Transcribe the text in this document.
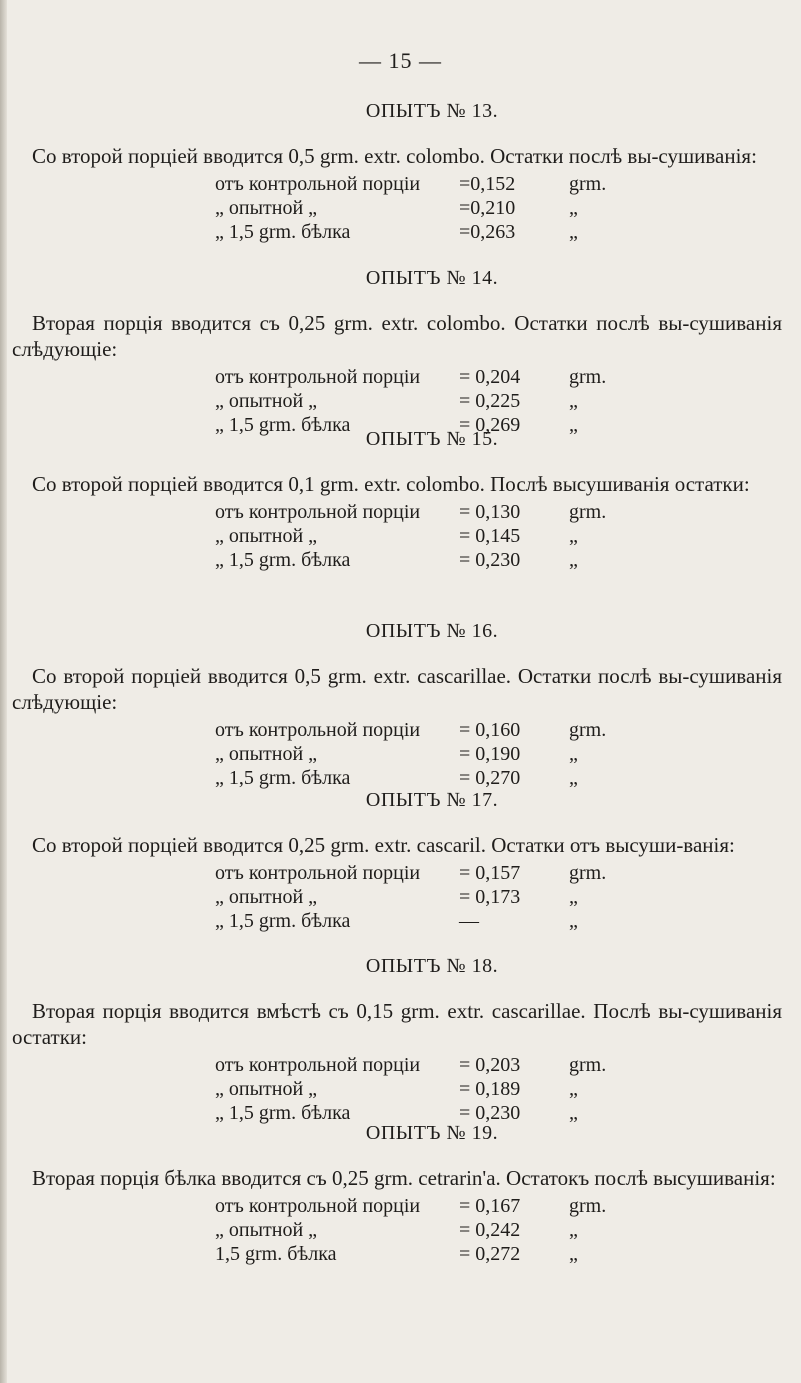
— 15 —
ОПЫТЪ № 13.
Со второй порціей вводится 0,5 grm. extr. colombo. Остатки послѣ вы-сушиванія:
отъ контрольной порціи	=0,152	grm.
„ опытной „	=0,210	„
„ 1,5 grm. бѣлка	=0,263	„
ОПЫТЪ № 14.
Вторая порція вводится съ 0,25 grm. extr. colombo. Остатки послѣ вы-сушиванія слѣдующіе:
отъ контрольной порціи	= 0,204	grm.
„ опытной „	= 0,225	„
„ 1,5 grm. бѣлка	= 0,269	„
ОПЫТЪ № 15.
Со второй порціей вводится 0,1 grm. extr. colombo. Послѣ высушиванія остатки:
отъ контрольной порціи	= 0,130	grm.
„ опытной „	= 0,145	„
„ 1,5 grm. бѣлка	= 0,230	„
ОПЫТЪ № 16.
Со второй порціей вводится 0,5 grm. extr. cascarillae. Остатки послѣ вы-сушиванія слѣдующіе:
отъ контрольной порціи	= 0,160	grm.
„ опытной „	= 0,190	„
„ 1,5 grm. бѣлка	= 0,270	„
ОПЫТЪ № 17.
Со второй порціей вводится 0,25 grm. extr. cascaril. Остатки отъ высуши-ванія:
отъ контрольной порціи	= 0,157	grm.
„ опытной „	= 0,173	„
„ 1,5 grm. бѣлка	—	„
ОПЫТЪ № 18.
Вторая порція вводится вмѣстѣ съ 0,15 grm. extr. cascarillae. Послѣ вы-сушиванія остатки:
отъ контрольной порціи	= 0,203	grm.
„ опытной „	= 0,189	„
„ 1,5 grm. бѣлка	= 0,230	„
ОПЫТЪ № 19.
Вторая порція бѣлка вводится съ 0,25 grm. cetrarin'a. Остатокъ послѣ высушиванія:
отъ контрольной порціи	= 0,167	grm.
„ опытной „	= 0,242	„
1,5 grm. бѣлка	= 0,272	„
